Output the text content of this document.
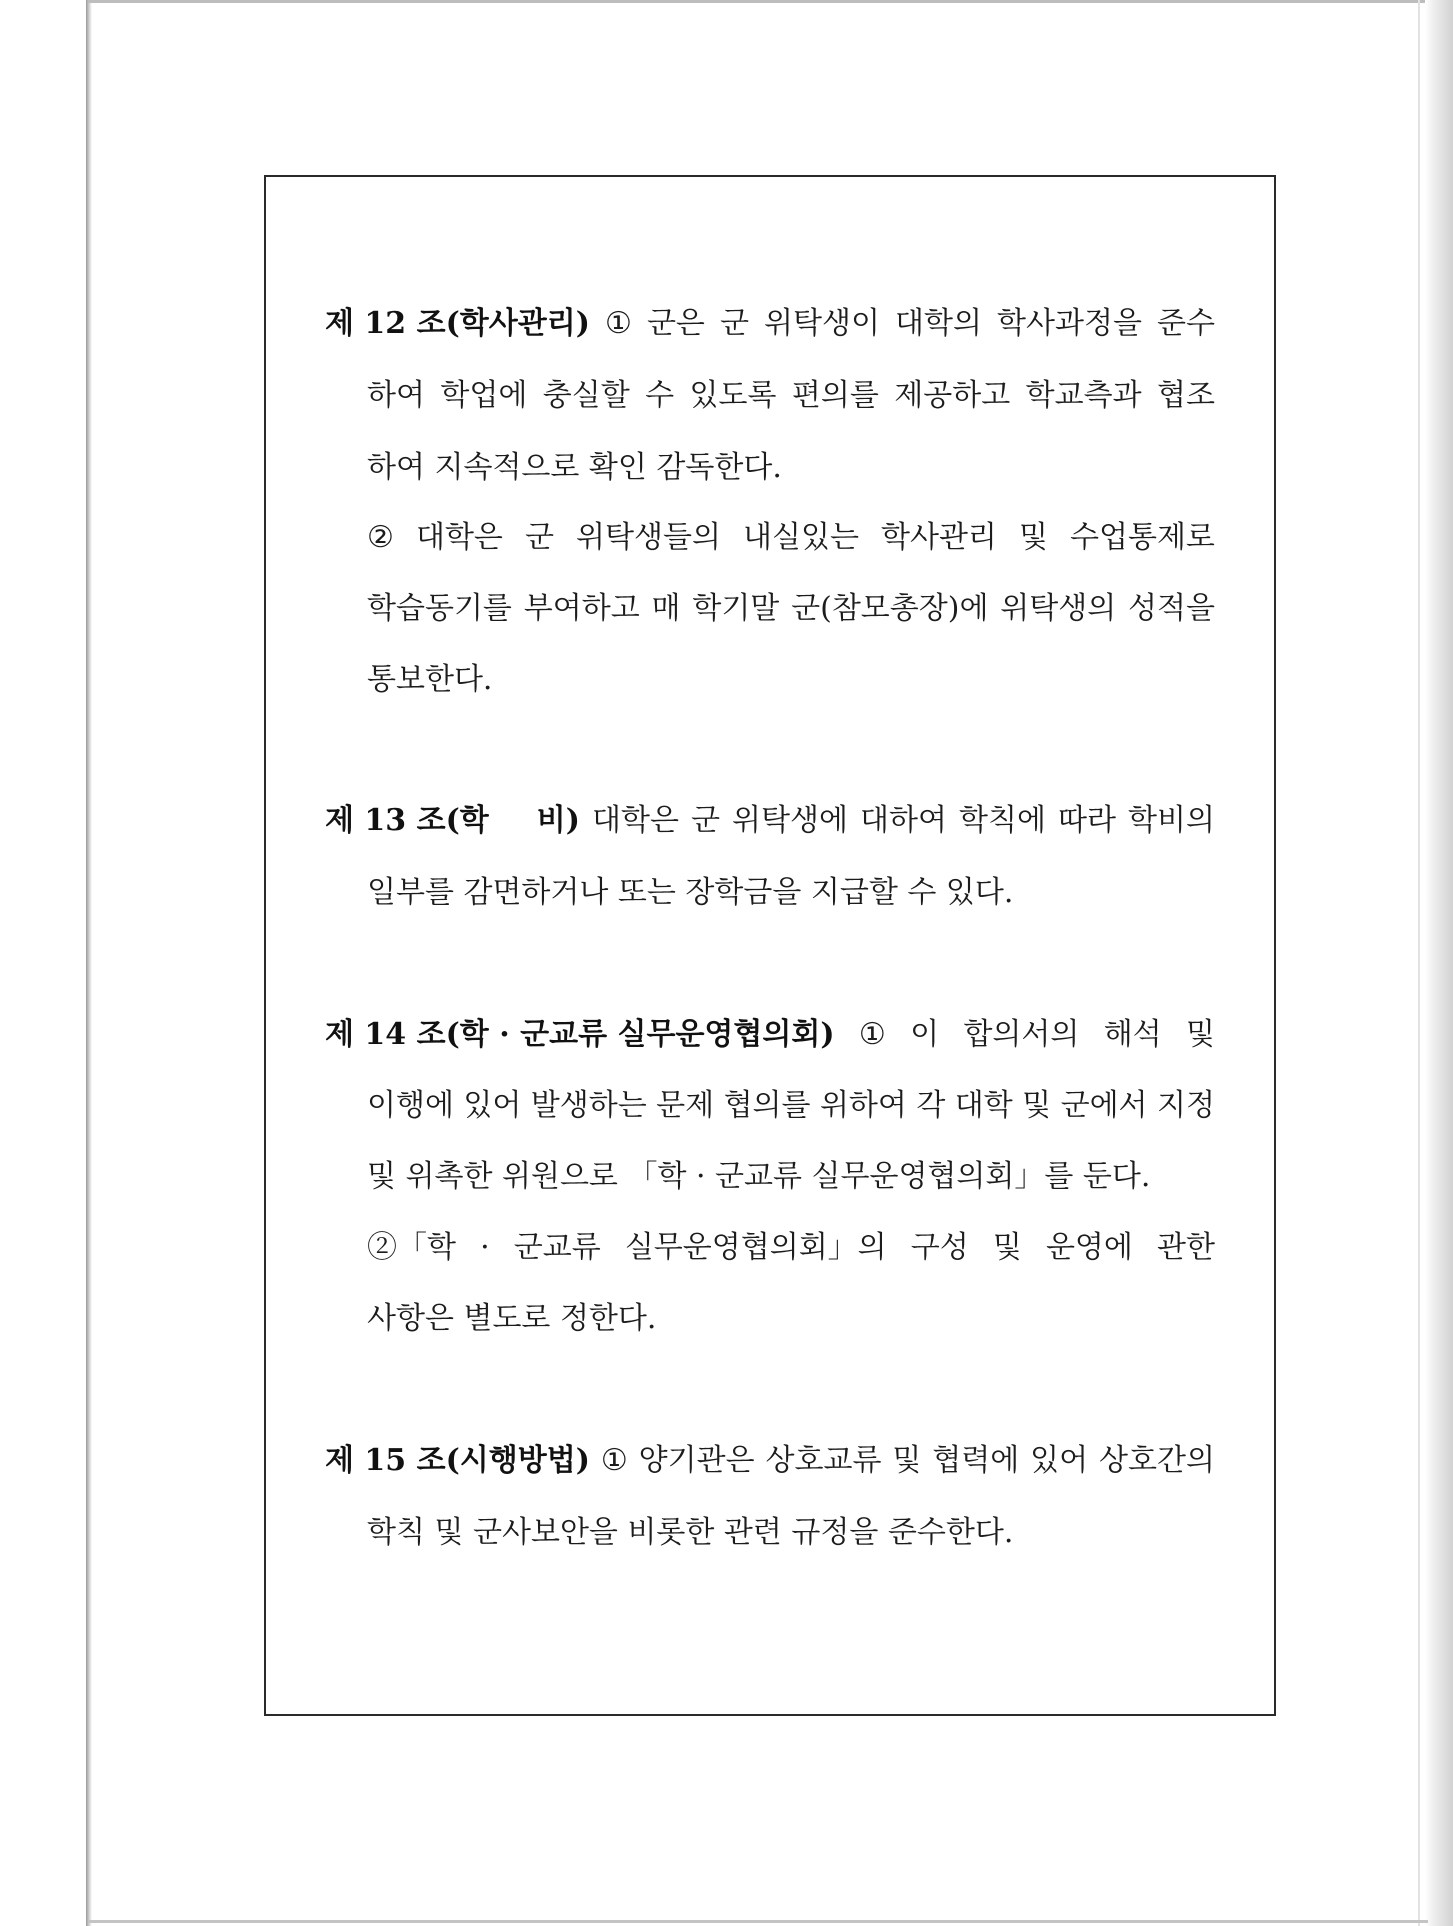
제 12 조(학사관리) ① 군은 군 위탁생이 대학의 학사과정을 준수
하여 학업에 충실할 수 있도록 편의를 제공하고 학교측과 협조
하여 지속적으로 확인 감독한다.
② 대학은 군 위탁생들의 내실있는 학사관리 및 수업통제로
학습동기를 부여하고 매 학기말 군(참모총장)에 위탁생의 성적을
통보한다.
제 13 조(학 비) 대학은 군 위탁생에 대하여 학칙에 따라 학비의
일부를 감면하거나 또는 장학금을 지급할 수 있다.
제 14 조(학 · 군교류 실무운영협의회) ① 이 합의서의 해석 및
이행에 있어 발생하는 문제 협의를 위하여 각 대학 및 군에서 지정
및 위촉한 위원으로 「학 · 군교류 실무운영협의회」를 둔다.
②「학 · 군교류 실무운영협의회」의 구성 및 운영에 관한
사항은 별도로 정한다.
제 15 조(시행방법) ① 양기관은 상호교류 및 협력에 있어 상호간의
학칙 및 군사보안을 비롯한 관련 규정을 준수한다.
